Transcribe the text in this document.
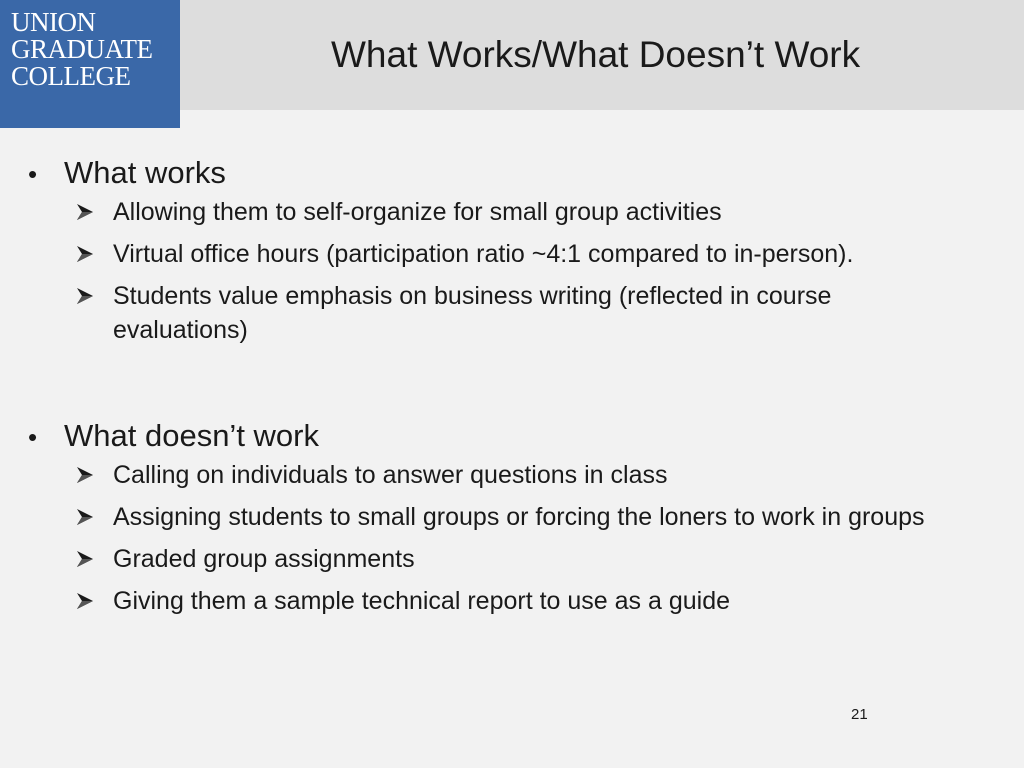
UNION
GRADUATE
COLLEGE
What Works/What Doesn’t Work
• What works
Allowing them to self-organize for small group activities
Virtual office hours (participation ratio ~4:1 compared to in-person).
Students value emphasis on business writing (reflected in course evaluations)
• What doesn’t work
Calling on individuals to answer questions in class
Assigning students to small groups or forcing the loners to work in groups
Graded group assignments
Giving them a sample technical report to use as a guide
21
